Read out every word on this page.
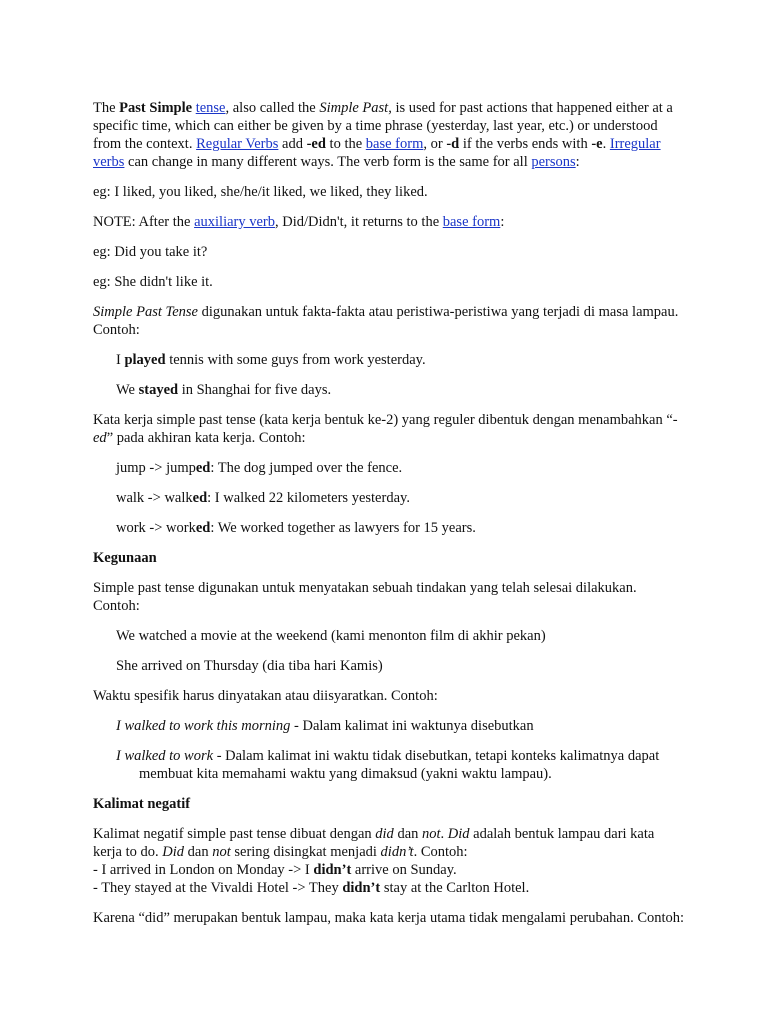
The Past Simple tense, also called the Simple Past, is used for past actions that happened either at a specific time, which can either be given by a time phrase (yesterday, last year, etc.) or understood from the context. Regular Verbs add -ed to the base form, or -d if the verbs ends with -e. Irregular verbs can change in many different ways. The verb form is the same for all persons:

eg: I liked, you liked, she/he/it liked, we liked, they liked.

NOTE: After the auxiliary verb, Did/Didn't, it returns to the base form:

eg: Did you take it?

eg: She didn't like it.

Simple Past Tense digunakan untuk fakta-fakta atau peristiwa-peristiwa yang terjadi di masa lampau. Contoh:

I played tennis with some guys from work yesterday.

We stayed in Shanghai for five days.

Kata kerja simple past tense (kata kerja bentuk ke-2) yang reguler dibentuk dengan menambahkan “-ed” pada akhiran kata kerja. Contoh:

jump -> jumped: The dog jumped over the fence.

walk -> walked: I walked 22 kilometers yesterday.

work -> worked: We worked together as lawyers for 15 years.

Kegunaan

Simple past tense digunakan untuk menyatakan sebuah tindakan yang telah selesai dilakukan. Contoh:

We watched a movie at the weekend (kami menonton film di akhir pekan)

She arrived on Thursday (dia tiba hari Kamis)

Waktu spesifik harus dinyatakan atau diisyaratkan. Contoh:

I walked to work this morning - Dalam kalimat ini waktunya disebutkan

I walked to work - Dalam kalimat ini waktu tidak disebutkan, tetapi konteks kalimatnya dapat membuat kita memahami waktu yang dimaksud (yakni waktu lampau).

Kalimat negatif

Kalimat negatif simple past tense dibuat dengan did dan not. Did adalah bentuk lampau dari kata kerja to do. Did dan not sering disingkat menjadi didn’t. Contoh:
- I arrived in London on Monday -> I didn’t arrive on Sunday.
- They stayed at the Vivaldi Hotel -> They didn’t stay at the Carlton Hotel.

Karena “did” merupakan bentuk lampau, maka kata kerja utama tidak mengalami perubahan. Contoh:
